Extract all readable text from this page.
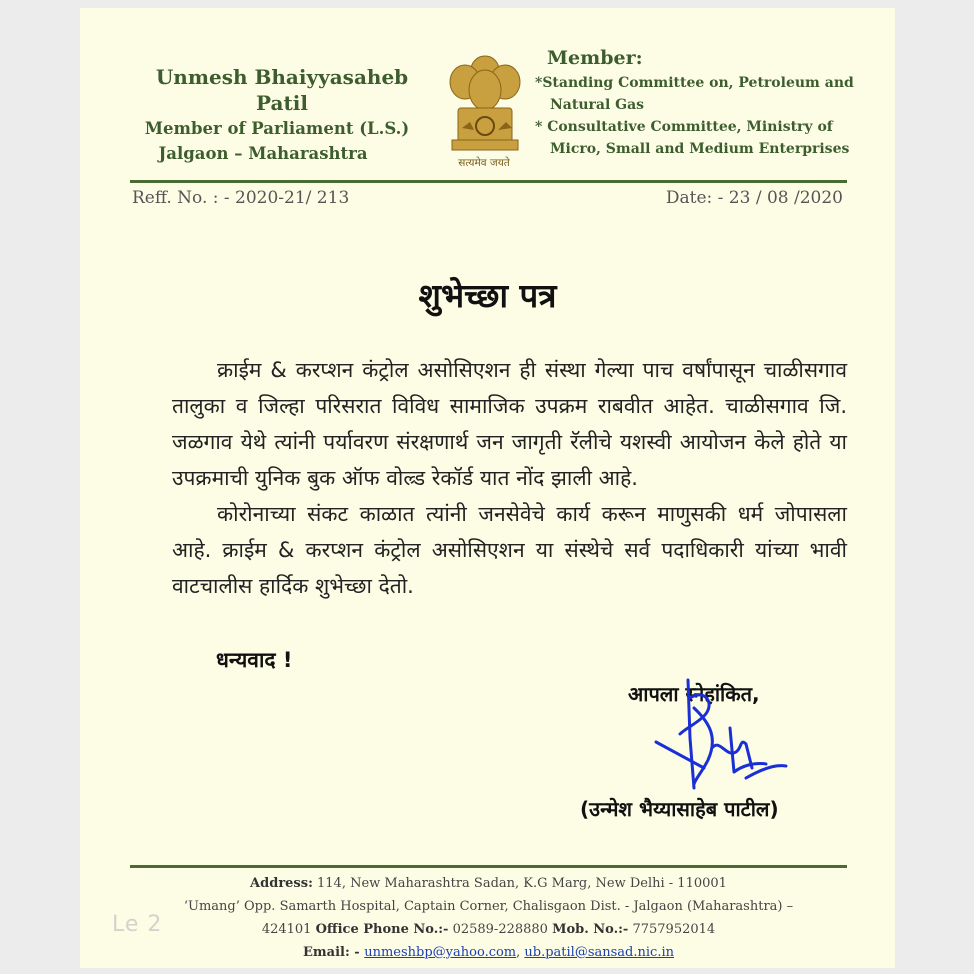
Unmesh Bhaiyyasaheb Patil
Member of Parliament (L.S.)
Jalgaon – Maharashtra	सत्यमेव जयते
Member:
*Standing Committee on, Petroleum and
Natural Gas
* Consultative Committee, Ministry of
Micro, Small and Medium Enterprises
Reff. No. : - 2020-21/ 213	Date: - 23 / 08 /2020
शुभेच्छा पत्र

क्राईम & करप्शन कंट्रोल असोसिएशन ही संस्था गेल्या पाच वर्षांपासून चाळीसगाव तालुका व जिल्हा परिसरात विविध सामाजिक उपक्रम राबवीत आहेत. चाळीसगाव जि. जळगाव येथे त्यांनी पर्यावरण संरक्षणार्थ जन जागृती रॅलीचे यशस्वी आयोजन केले होते या उपक्रमाची युनिक बुक ऑफ वोल्र्ड रेकॉर्ड यात नोंद झाली आहे.

कोरोनाच्या संकट काळात त्यांनी जनसेवेचे कार्य करून माणुसकी धर्म जोपासला आहे. क्राईम & करप्शन कंट्रोल असोसिएशन या संस्थेचे सर्व पदाधिकारी यांच्या भावी वाटचालीस हार्दिक शुभेच्छा देतो.

धन्यवाद !
आपला स्नेहांकित,
(उन्मेश भैय्यासाहेब पाटील)
Address: 114, New Maharashtra Sadan, K.G Marg, New Delhi - 110001
‘Umang’ Opp. Samarth Hospital, Captain Corner, Chalisgaon Dist. - Jalgaon (Maharashtra) –
424101 Office Phone No.:- 02589-228880 Mob. No.:- 7757952014
Email: - unmeshbp@yahoo.com, ub.patil@sansad.nic.in
Le 2
